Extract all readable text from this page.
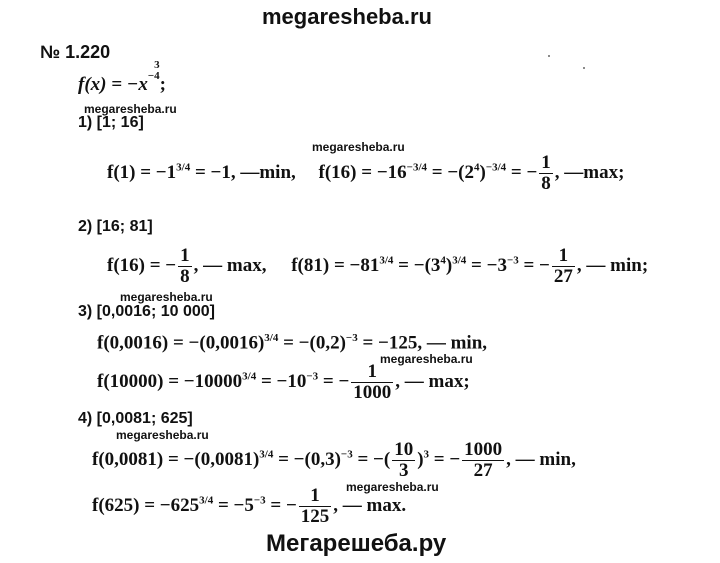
megaresheba.ru
№ 1.220
f(x) = −x−
3
4 ;
megaresheba.ru
1) [1; 16]
megaresheba.ru
$f(1) = -1^{3/4} = -1$, —min, $f(16) = -16^{-3/4} = -(2^4)^{-3/4}$ = − $\frac{1}{8}$ , —max;
2) [16; 81]
f(16) = − $\frac{1}{8}$ , — max, $f(81) = -81^{3/4} = -(3^4)^{3/4} = -3^{-3}$ = − $\frac{1}{27}$ , — min;
megaresheba.ru
3) [0,0016; 10 000]
$f(0,0016) = -(0,0016)^{3/4} = -(0,2)^{-3} = -125$, — min,
megaresheba.ru
$f(10000) = -10000^{3/4} = -10^{-3}$ = − $\frac{1}{1000}$ , — max;
4) [0,0081; 625]
megaresheba.ru
$f(0,0081) = -(0,0081)^{3/4} = -(0,3)^{-3}$ = −( $\frac{10}{3} )^3$ = − $\frac{1000}{27}$ , — min,
megaresheba.ru
$f(625) = -625^{3/4} = -5^{-3}$ = − $\frac{1}{125}$ , — max.
Мегарешеба.ру
